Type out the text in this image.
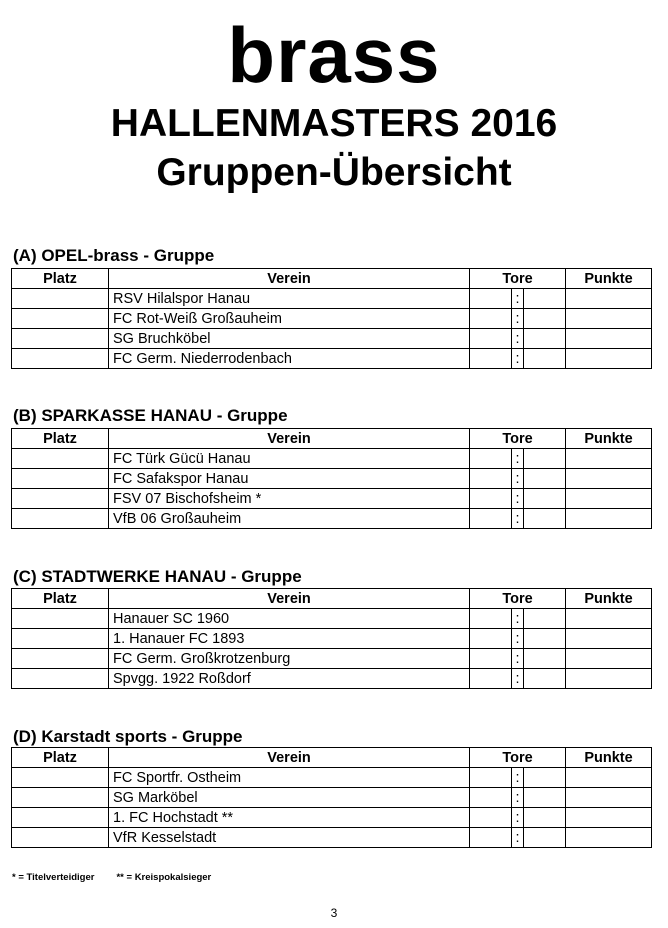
brass
HALLENMASTERS 2016
Gruppen-Übersicht
(A) OPEL-brass - Gruppe
Platz	Verein	Tore			Punkte
	RSV Hilalspor Hanau		:		
	FC Rot-Weiß Großauheim		:		
	SG Bruchköbel		:		
	FC Germ. Niederrodenbach		:		
(B) SPARKASSE HANAU - Gruppe
Platz	Verein	Tore			Punkte
	FC Türk Gücü Hanau		:		
	FC Safakspor Hanau		:		
	FSV 07 Bischofsheim *		:		
	VfB 06 Großauheim		:		
(C) STADTWERKE HANAU - Gruppe
Platz	Verein	Tore			Punkte
	Hanauer SC 1960		:		
	1. Hanauer FC 1893		:		
	FC Germ. Großkrotzenburg		:		
	Spvgg. 1922 Roßdorf		:		
(D) Karstadt sports - Gruppe
Platz	Verein	Tore			Punkte
	FC Sportfr. Ostheim		:		
	SG Marköbel		:		
	1. FC Hochstadt **		:		
	VfR Kesselstadt		:		
* = Titelverteidiger ** = Kreispokalsieger
3
